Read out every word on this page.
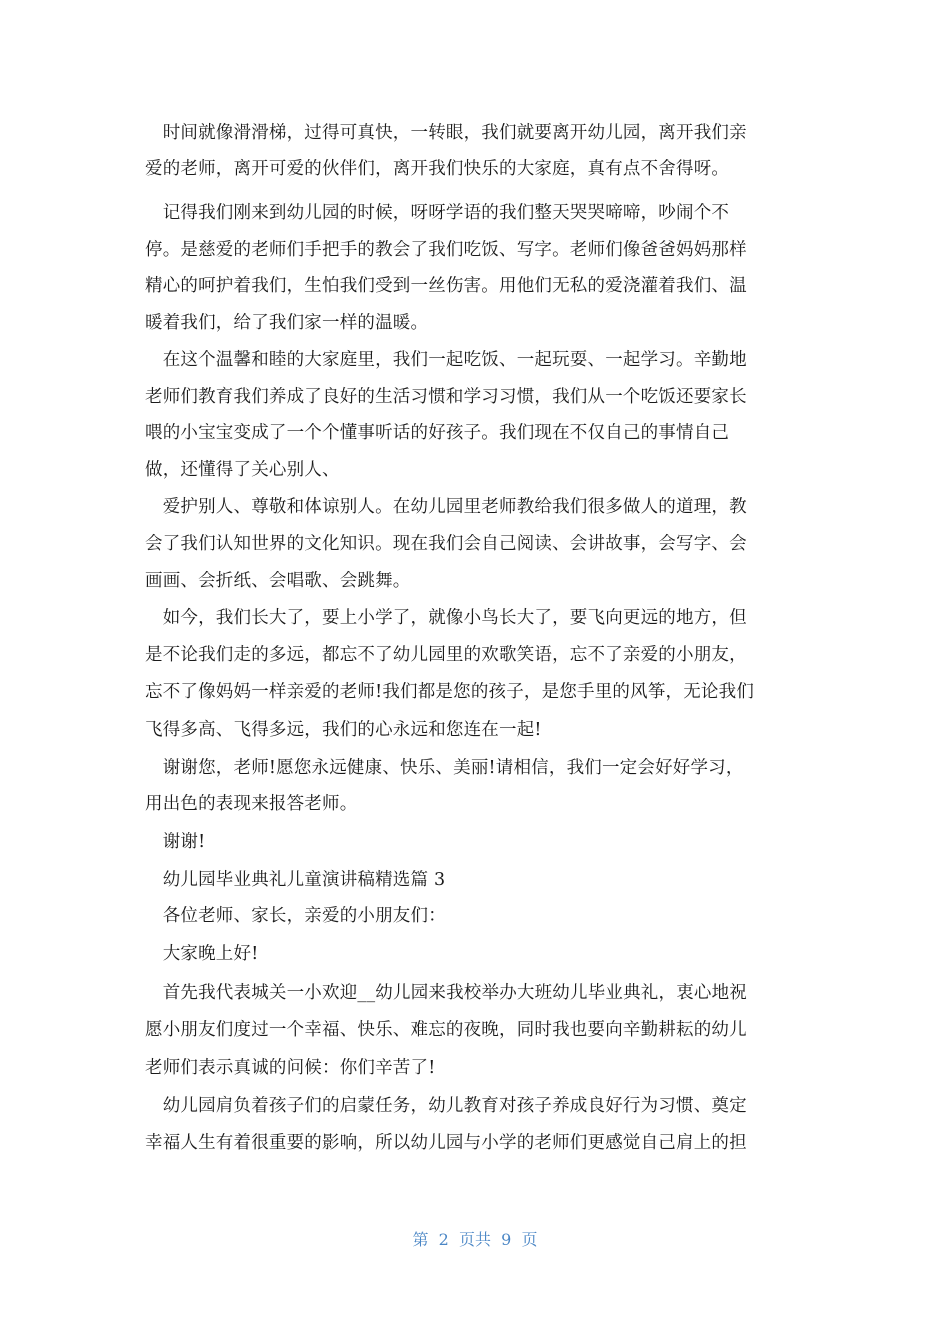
　时间就像滑滑梯，过得可真快，一转眼，我们就要离开幼儿园，离开我们亲
爱的老师，离开可爱的伙伴们，离开我们快乐的大家庭，真有点不舍得呀。
　记得我们刚来到幼儿园的时候，呀呀学语的我们整天哭哭啼啼，吵闹个不
停。是慈爱的老师们手把手的教会了我们吃饭、写字。老师们像爸爸妈妈那样
精心的呵护着我们，生怕我们受到一丝伤害。用他们无私的爱浇灌着我们、温
暖着我们，给了我们家一样的温暖。
　在这个温馨和睦的大家庭里，我们一起吃饭、一起玩耍、一起学习。辛勤地
老师们教育我们养成了良好的生活习惯和学习习惯，我们从一个吃饭还要家长
喂的小宝宝变成了一个个懂事听话的好孩子。我们现在不仅自己的事情自己
做，还懂得了关心别人、
　爱护别人、尊敬和体谅别人。在幼儿园里老师教给我们很多做人的道理，教
会了我们认知世界的文化知识。现在我们会自己阅读、会讲故事，会写字、会
画画、会折纸、会唱歌、会跳舞。
　如今，我们长大了，要上小学了，就像小鸟长大了，要飞向更远的地方，但
是不论我们走的多远，都忘不了幼儿园里的欢歌笑语，忘不了亲爱的小朋友，
忘不了像妈妈一样亲爱的老师!我们都是您的孩子，是您手里的风筝，无论我们
飞得多高、飞得多远，我们的心永远和您连在一起!
　谢谢您，老师!愿您永远健康、快乐、美丽!请相信，我们一定会好好学习，
用出色的表现来报答老师。
　谢谢!
　幼儿园毕业典礼儿童演讲稿精选篇 3
　各位老师、家长，亲爱的小朋友们：
　大家晚上好!
　首先我代表城关一小欢迎__幼儿园来我校举办大班幼儿毕业典礼，衷心地祝
愿小朋友们度过一个幸福、快乐、难忘的夜晚，同时我也要向辛勤耕耘的幼儿
老师们表示真诚的问候：你们辛苦了!
　幼儿园肩负着孩子们的启蒙任务，幼儿教育对孩子养成良好行为习惯、奠定
幸福人生有着很重要的影响，所以幼儿园与小学的老师们更感觉自己肩上的担
第  2  页共  9  页
